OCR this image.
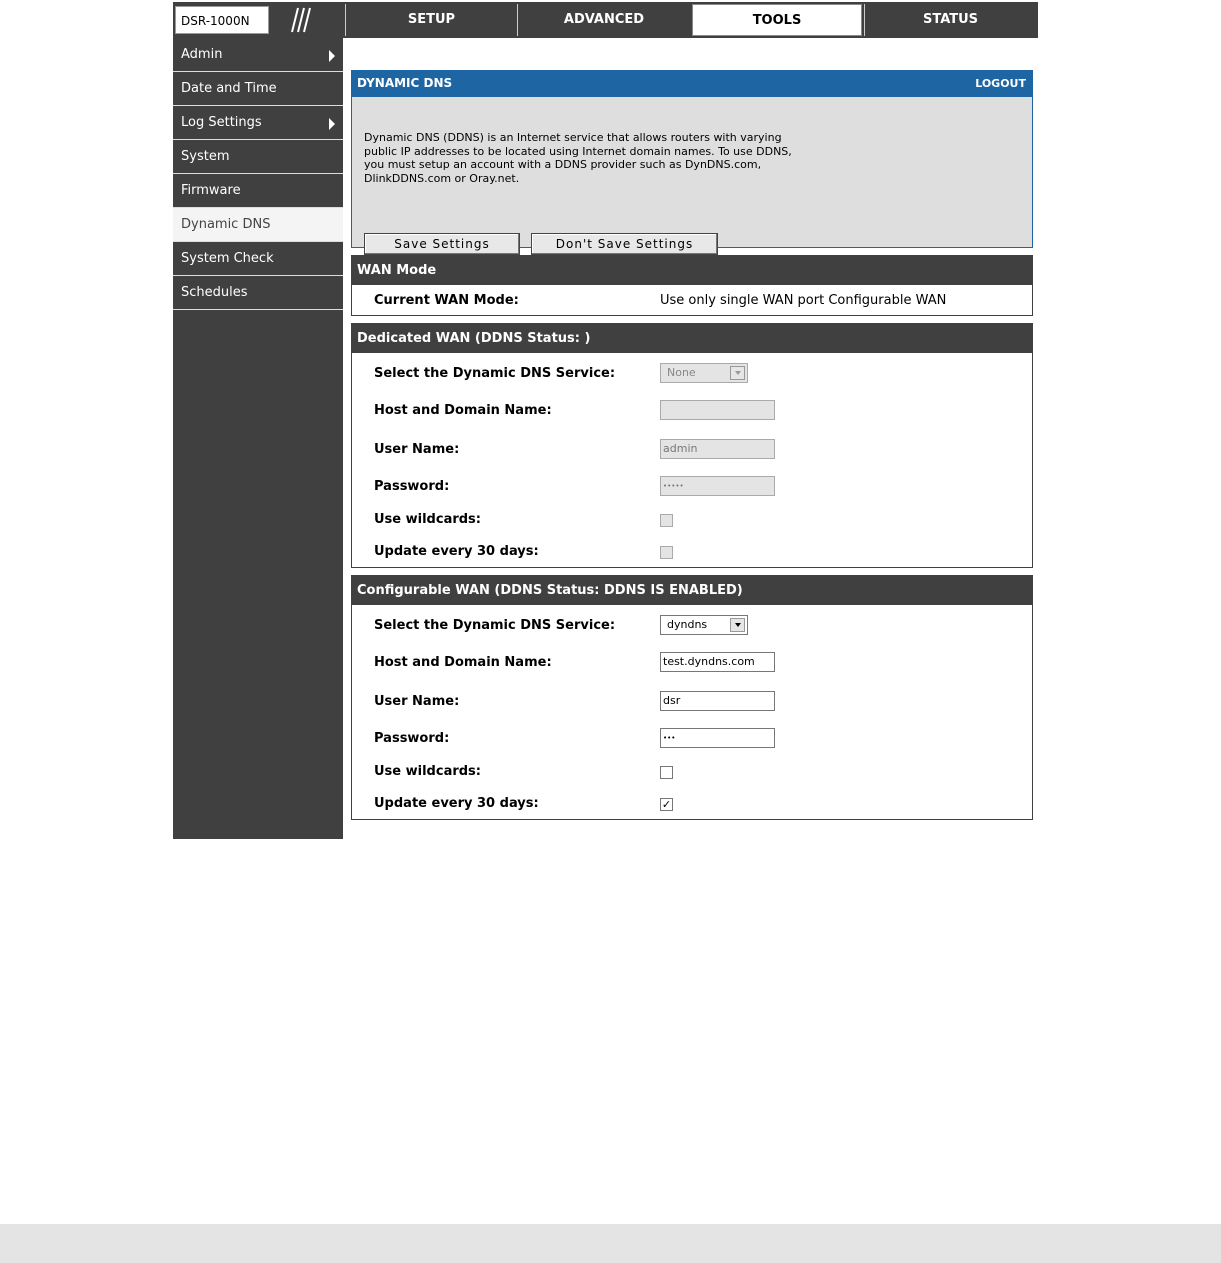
DSR-1000N	SETUP	ADVANCED	TOOLS	STATUS
Admin
Date and Time
Log Settings
System
Firmware
Dynamic DNS
System Check
Schedules
DYNAMIC DNS	LOGOUT
Dynamic DNS (DDNS) is an Internet service that allows routers with varying
public IP addresses to be located using Internet domain names. To use DDNS,
you must setup an account with a DDNS provider such as DynDNS.com,
DlinkDDNS.com or Oray.net.
Save Settings	Don't Save Settings
WAN Mode
Current WAN Mode:	Use only single WAN port Configurable WAN
Dedicated WAN (DDNS Status: )
Select the Dynamic DNS Service:	None
Host and Domain Name:
User Name:	admin
Password:	•••••
Use wildcards:
Update every 30 days:
Configurable WAN (DDNS Status: DDNS IS ENABLED)
Select the Dynamic DNS Service:	dyndns
Host and Domain Name:	test.dyndns.com
User Name:	dsr
Password:	•••
Use wildcards:
Update every 30 days:	✓
